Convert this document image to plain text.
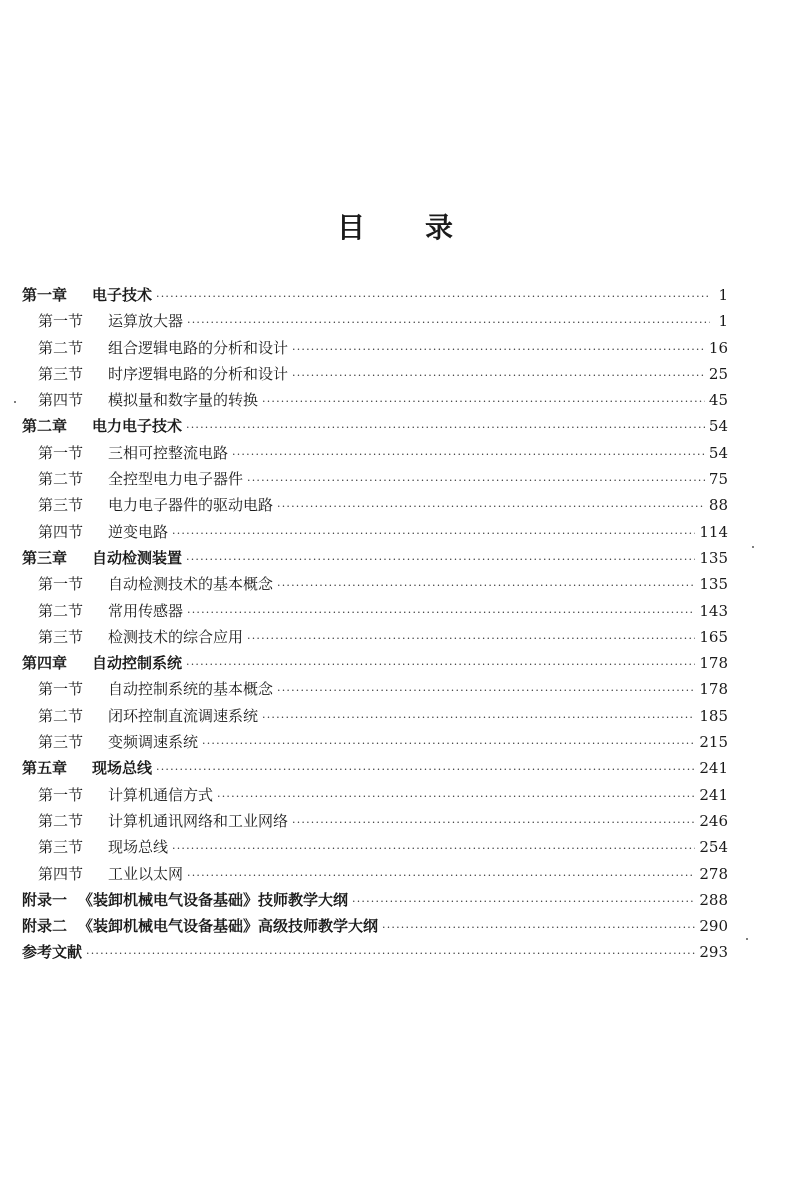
目 录
第一章	电子技术 ·····	1
第一节	运算放大器 ·····	1
第二节	组合逻辑电路的分析和设计 ·····	16
第三节	时序逻辑电路的分析和设计 ·····	25
第四节	模拟量和数字量的转换 ·····	45
第二章	电力电子技术 ·····	54
第一节	三相可控整流电路 ·····	54
第二节	全控型电力电子器件 ·····	75
第三节	电力电子器件的驱动电路 ·····	88
第四节	逆变电路 ·····	114
第三章	自动检测装置 ·····	135
第一节	自动检测技术的基本概念 ·····	135
第二节	常用传感器 ·····	143
第三节	检测技术的综合应用 ·····	165
第四章	自动控制系统 ·····	178
第一节	自动控制系统的基本概念 ·····	178
第二节	闭环控制直流调速系统 ·····	185
第三节	变频调速系统 ·····	215
第五章	现场总线 ·····	241
第一节	计算机通信方式 ·····	241
第二节	计算机通讯网络和工业网络 ·····	246
第三节	现场总线 ·····	254
第四节	工业以太网 ·····	278
附录一 《装卸机械电气设备基础》技师教学大纲 ·····	288
附录二 《装卸机械电气设备基础》高级技师教学大纲 ·····	290
参考文献 ·····	293
